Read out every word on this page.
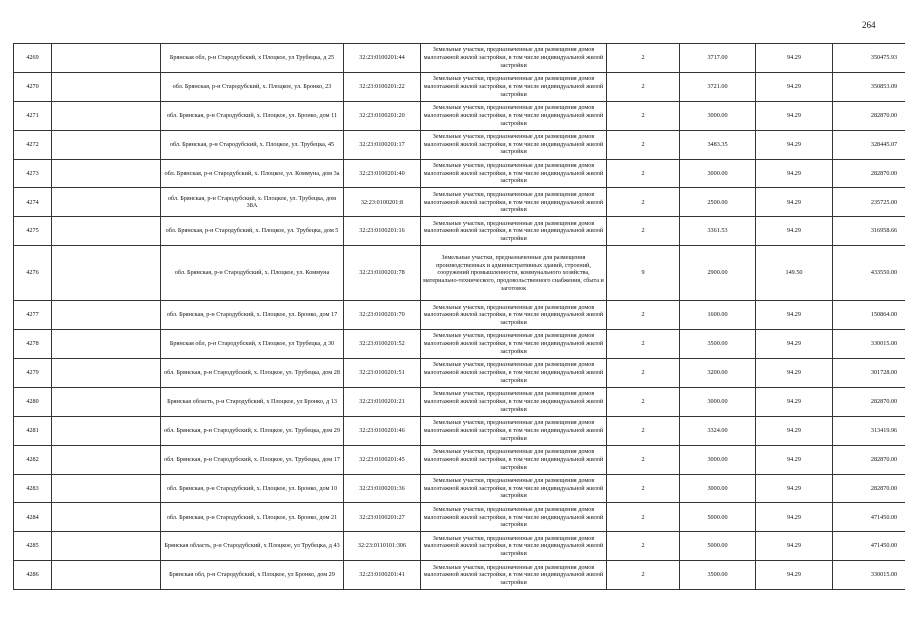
264
4269		Брянская обл, р-н Стародубский, х Плоцкое, ул Трубецка, д 25	32:23:0100201:44	Земельные участки, предназначенные для размещения домов малоэтажной жилой застройки, в том числе индивидуальной жилой застройки	2	3717.00	94.29	350475.93
4270		обл. Брянская, р-н Стародубский, х. Плоцкое, ул. Бронко, 23	32:23:0100201:22	Земельные участки, предназначенные для размещения домов малоэтажной жилой застройки, в том числе индивидуальной жилой застройки	2	3721.00	94.29	350853.09
4271		обл. Брянская, р-н Стародубский, х. Плоцкое, ул. Бронко, дом 11	32:23:0100201:20	Земельные участки, предназначенные для размещения домов малоэтажной жилой застройки, в том числе индивидуальной жилой застройки	2	3000.00	94.29	282870.00
4272		обл. Брянская, р-н Стародубский, х. Плоцкое, ул. Трубецка, 45	32:23:0100201:17	Земельные участки, предназначенные для размещения домов малоэтажной жилой застройки, в том числе индивидуальной жилой застройки	2	3483.35	94.29	328445.07
4273		обл. Брянская, р-н Стародубский, х. Плоцкое, ул. Коммуна, дом 3а	32:23:0100201:40	Земельные участки, предназначенные для размещения домов малоэтажной жилой застройки, в том числе индивидуальной жилой застройки	2	3000.00	94.29	282870.00
4274		обл. Брянская, р-н Стародубский, х. Плоцкое, ул. Трубецка, дом 38А	32:23:0100201:8	Земельные участки, предназначенные для размещения домов малоэтажной жилой застройки, в том числе индивидуальной жилой застройки	2	2500.00	94.29	235725.00
4275		обл. Брянская, р-н Стародубский, х. Плоцкое, ул. Трубецка, дом 5	32:23:0100201:16	Земельные участки, предназначенные для размещения домов малоэтажной жилой застройки, в том числе индивидуальной жилой застройки	2	3361.53	94.29	316958.66
4276		обл. Брянская, р-н Стародубский, х. Плоцкое, ул. Коммуна	32:23:0100201:78	Земельные участки, предназначенные для размещения производственных и административных зданий, строений, сооружений промышленности, коммунального хозяйства, материально-технического, продовольственного снабжения, сбыта и заготовок	9	2900.00	149.50	433550.00
4277		обл. Брянская, р-н Стародубский, х. Плоцкое, ул. Бронко, дом 17	32:23:0100201:70	Земельные участки, предназначенные для размещения домов малоэтажной жилой застройки, в том числе индивидуальной жилой застройки	2	1600.00	94.29	150864.00
4278		Брянская обл, р-н Стародубский, х Плоцкое, ул Трубецка, д 30	32:23:0100201:52	Земельные участки, предназначенные для размещения домов малоэтажной жилой застройки, в том числе индивидуальной жилой застройки	2	3500.00	94.29	330015.00
4279		обл. Брянская, р-н Стародубский, х. Плоцкое, ул. Трубецка, дом 28	32:23:0100201:51	Земельные участки, предназначенные для размещения домов малоэтажной жилой застройки, в том числе индивидуальной жилой застройки	2	3200.00	94.29	301728.00
4280		Брянская область, р-н Стародубский, х Плоцкое, ул Бронко, д 13	32:23:0100201:21	Земельные участки, предназначенные для размещения домов малоэтажной жилой застройки, в том числе индивидуальной жилой застройки	2	3000.00	94.29	282870.00
4281		обл. Брянская, р-н Стародубский, х. Плоцкое, ул. Трубецка, дом 29	32:23:0100201:46	Земельные участки, предназначенные для размещения домов малоэтажной жилой застройки, в том числе индивидуальной жилой застройки	2	3324.00	94.29	313419.96
4282		обл. Брянская, р-н Стародубский, х. Плоцкое, ул. Трубецка, дом 17	32:23:0100201:45	Земельные участки, предназначенные для размещения домов малоэтажной жилой застройки, в том числе индивидуальной жилой застройки	2	3000.00	94.29	282870.00
4283		обл. Брянская, р-н Стародубский, х. Плоцкое, ул. Бронко, дом 10	32:23:0100201:36	Земельные участки, предназначенные для размещения домов малоэтажной жилой застройки, в том числе индивидуальной жилой застройки	2	3000.00	94.29	282870.00
4284		обл. Брянская, р-н Стародубский, х. Плоцкое, ул. Бронко, дом 21	32:23:0100201:27	Земельные участки, предназначенные для размещения домов малоэтажной жилой застройки, в том числе индивидуальной жилой застройки	2	5000.00	94.29	471450.00
4285		Брянская область, р-н Стародубский, х Плоцкое, ул Трубецка, д 43	32:23:0110101:306	Земельные участки, предназначенные для размещения домов малоэтажной жилой застройки, в том числе индивидуальной жилой застройки	2	5000.00	94.29	471450.00
4286		Брянская обл, р-н Стародубский, х Плоцкое, ул Бронко, дом 29	32:23:0100201:41	Земельные участки, предназначенные для размещения домов малоэтажной жилой застройки, в том числе индивидуальной жилой застройки	2	3500.00	94.29	330015.00
